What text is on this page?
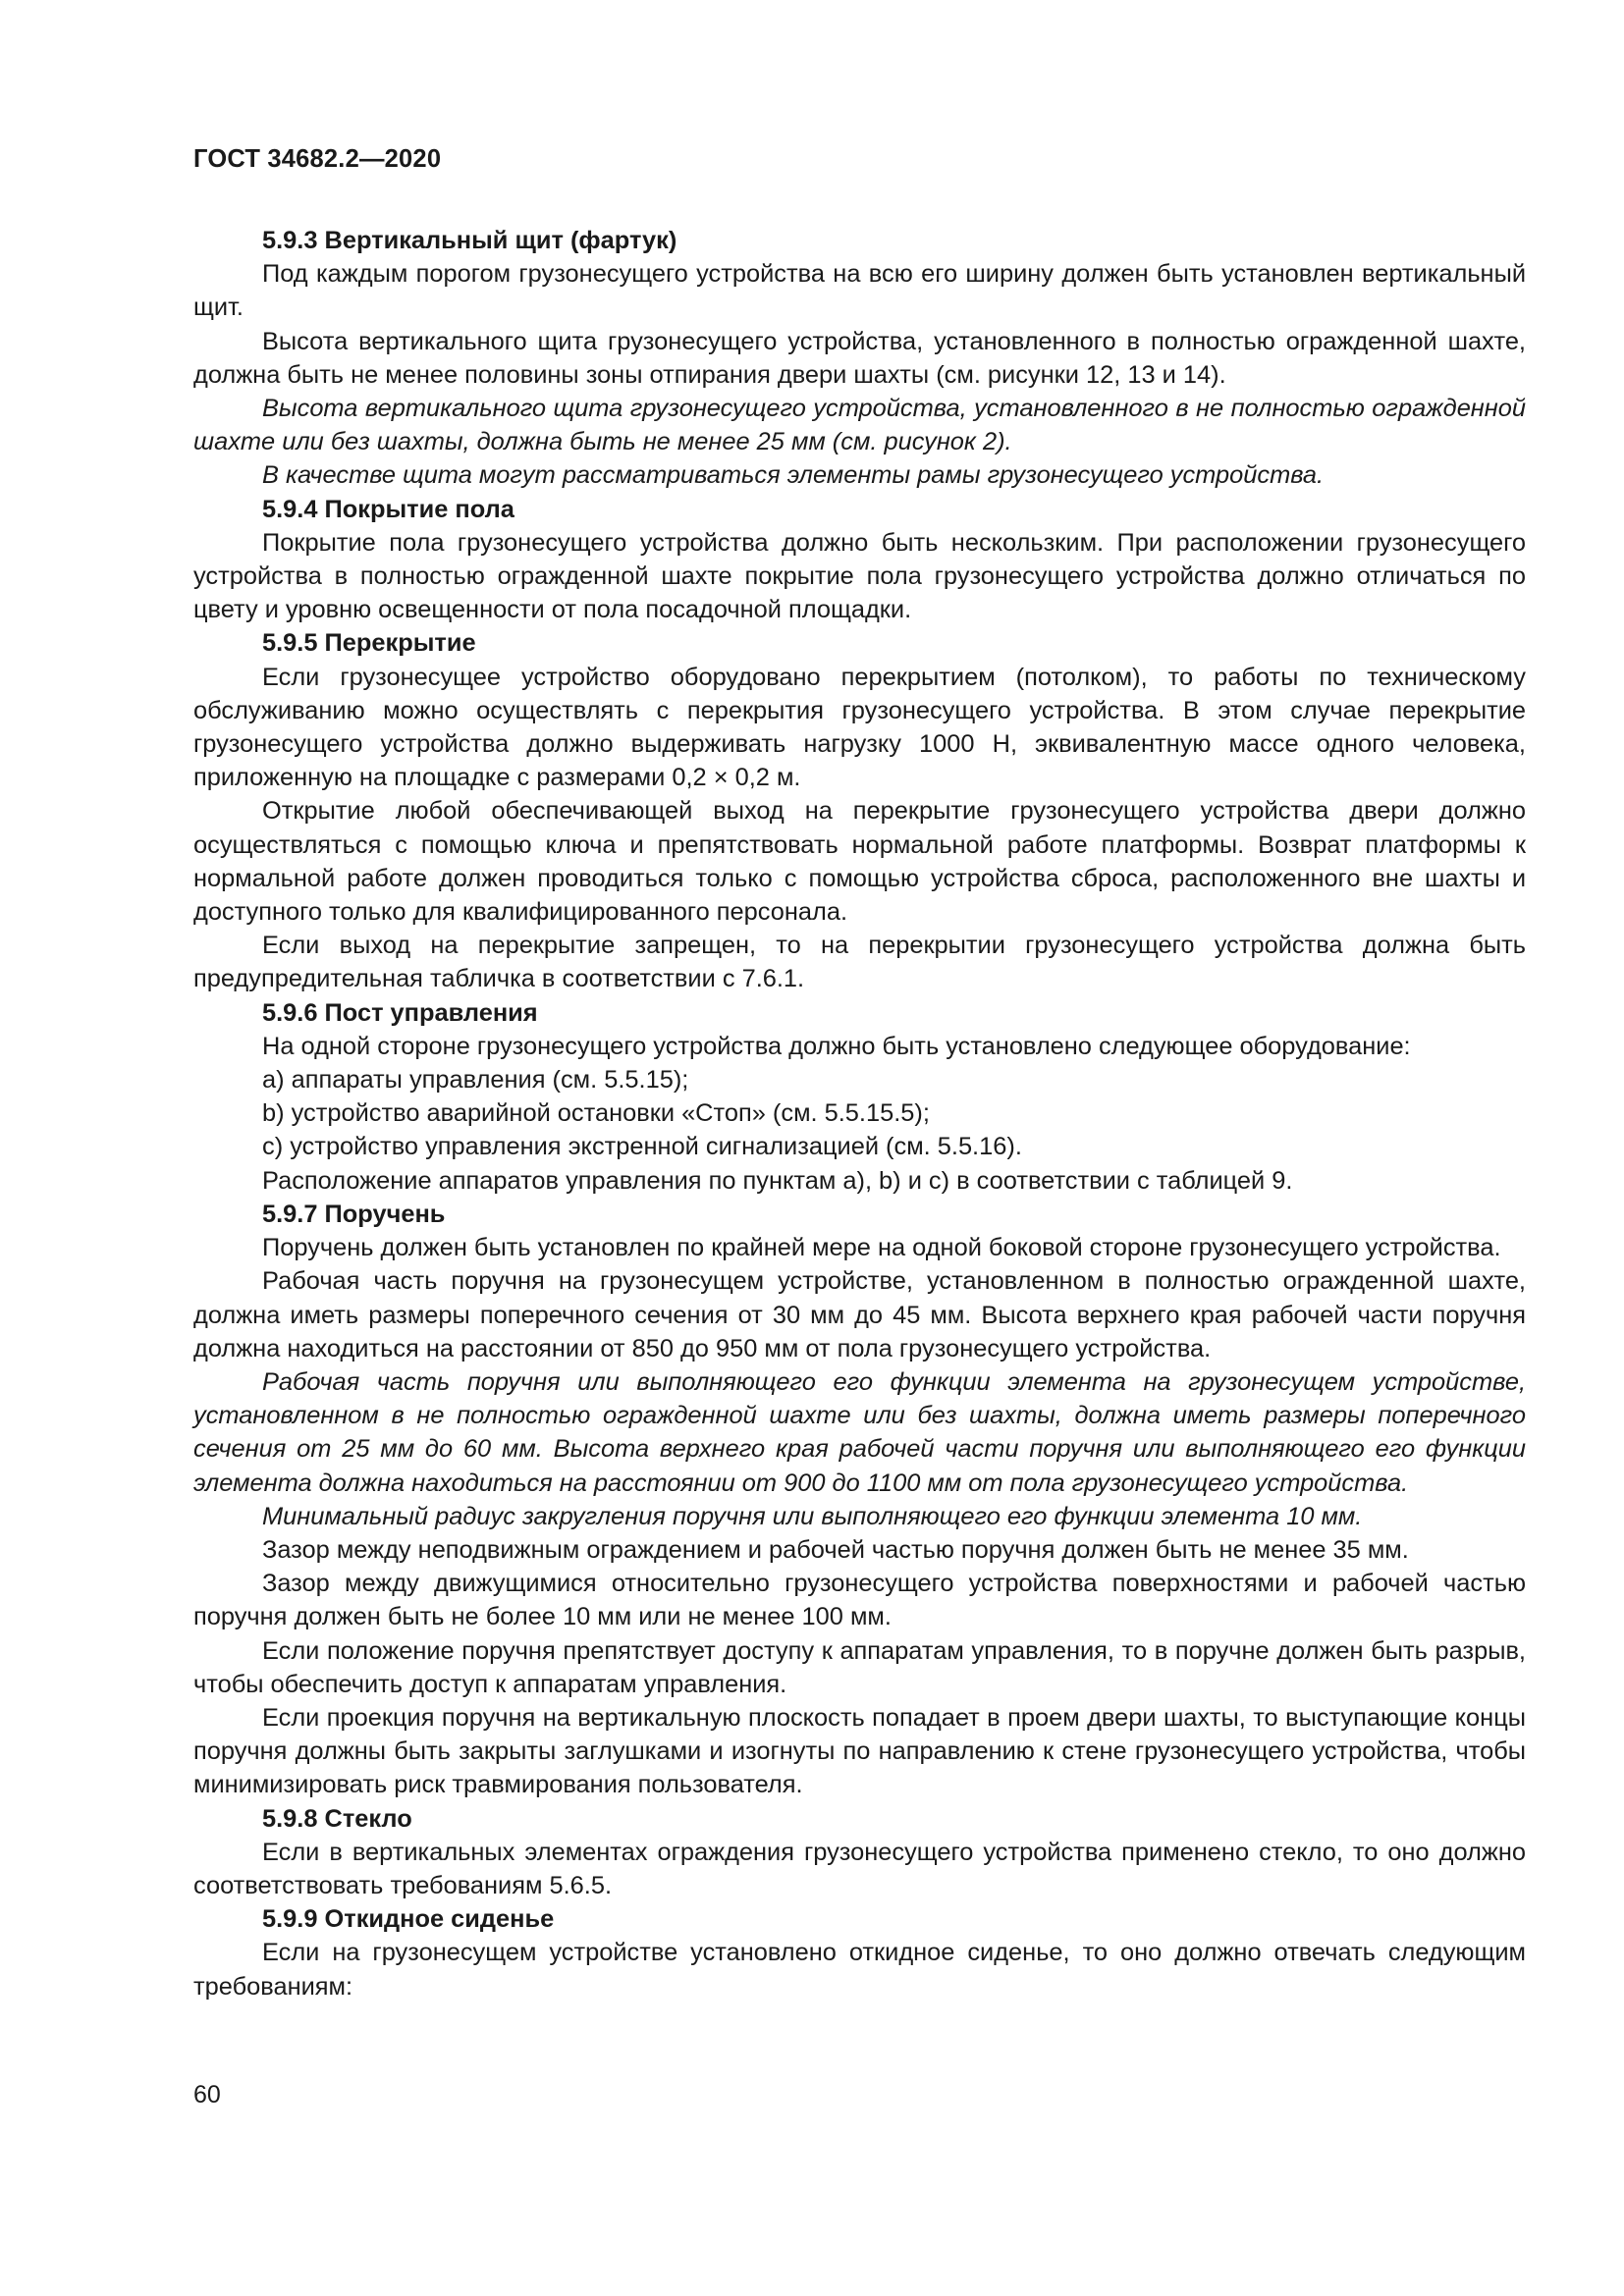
ГОСТ 34682.2—2020

5.9.3 Вертикальный щит (фартук)

Под каждым порогом грузонесущего устройства на всю его ширину должен быть установлен вертикальный щит.

Высота вертикального щита грузонесущего устройства, установленного в полностью огражденной шахте, должна быть не менее половины зоны отпирания двери шахты (см. рисунки 12, 13 и 14).

Высота вертикального щита грузонесущего устройства, установленного в не полностью огражденной шахте или без шахты, должна быть не менее 25 мм (см. рисунок 2).

В качестве щита могут рассматриваться элементы рамы грузонесущего устройства.

5.9.4 Покрытие пола

Покрытие пола грузонесущего устройства должно быть нескользким. При расположении грузонесущего устройства в полностью огражденной шахте покрытие пола грузонесущего устройства должно отличаться по цвету и уровню освещенности от пола посадочной площадки.

5.9.5 Перекрытие

Если грузонесущее устройство оборудовано перекрытием (потолком), то работы по техническому обслуживанию можно осуществлять с перекрытия грузонесущего устройства. В этом случае перекрытие грузонесущего устройства должно выдерживать нагрузку 1000 Н, эквивалентную массе одного человека, приложенную на площадке с размерами 0,2 × 0,2 м.

Открытие любой обеспечивающей выход на перекрытие грузонесущего устройства двери должно осуществляться с помощью ключа и препятствовать нормальной работе платформы. Возврат платформы к нормальной работе должен проводиться только с помощью устройства сброса, расположенного вне шахты и доступного только для квалифицированного персонала.

Если выход на перекрытие запрещен, то на перекрытии грузонесущего устройства должна быть предупредительная табличка в соответствии с 7.6.1.

5.9.6 Пост управления

На одной стороне грузонесущего устройства должно быть установлено следующее оборудование:

a) аппараты управления (см. 5.5.15);

b) устройство аварийной остановки «Стоп» (см. 5.5.15.5);

c) устройство управления экстренной сигнализацией (см. 5.5.16).

Расположение аппаратов управления по пунктам a), b) и c) в соответствии с таблицей 9.

5.9.7 Поручень

Поручень должен быть установлен по крайней мере на одной боковой стороне грузонесущего устройства.

Рабочая часть поручня на грузонесущем устройстве, установленном в полностью огражденной шахте, должна иметь размеры поперечного сечения от 30 мм до 45 мм. Высота верхнего края рабочей части поручня должна находиться на расстоянии от 850 до 950 мм от пола грузонесущего устройства.

Рабочая часть поручня или выполняющего его функции элемента на грузонесущем устройстве, установленном в не полностью огражденной шахте или без шахты, должна иметь размеры поперечного сечения от 25 мм до 60 мм. Высота верхнего края рабочей части поручня или выполняющего его функции элемента должна находиться на расстоянии от 900 до 1100 мм от пола грузонесущего устройства.

Минимальный радиус закругления поручня или выполняющего его функции элемента 10 мм.

Зазор между неподвижным ограждением и рабочей частью поручня должен быть не менее 35 мм.

Зазор между движущимися относительно грузонесущего устройства поверхностями и рабочей частью поручня должен быть не более 10 мм или не менее 100 мм.

Если положение поручня препятствует доступу к аппаратам управления, то в поручне должен быть разрыв, чтобы обеспечить доступ к аппаратам управления.

Если проекция поручня на вертикальную плоскость попадает в проем двери шахты, то выступающие концы поручня должны быть закрыты заглушками и изогнуты по направлению к стене грузонесущего устройства, чтобы минимизировать риск травмирования пользователя.

5.9.8 Стекло

Если в вертикальных элементах ограждения грузонесущего устройства применено стекло, то оно должно соответствовать требованиям 5.6.5.

5.9.9 Откидное сиденье

Если на грузонесущем устройстве установлено откидное сиденье, то оно должно отвечать следующим требованиям:

60
